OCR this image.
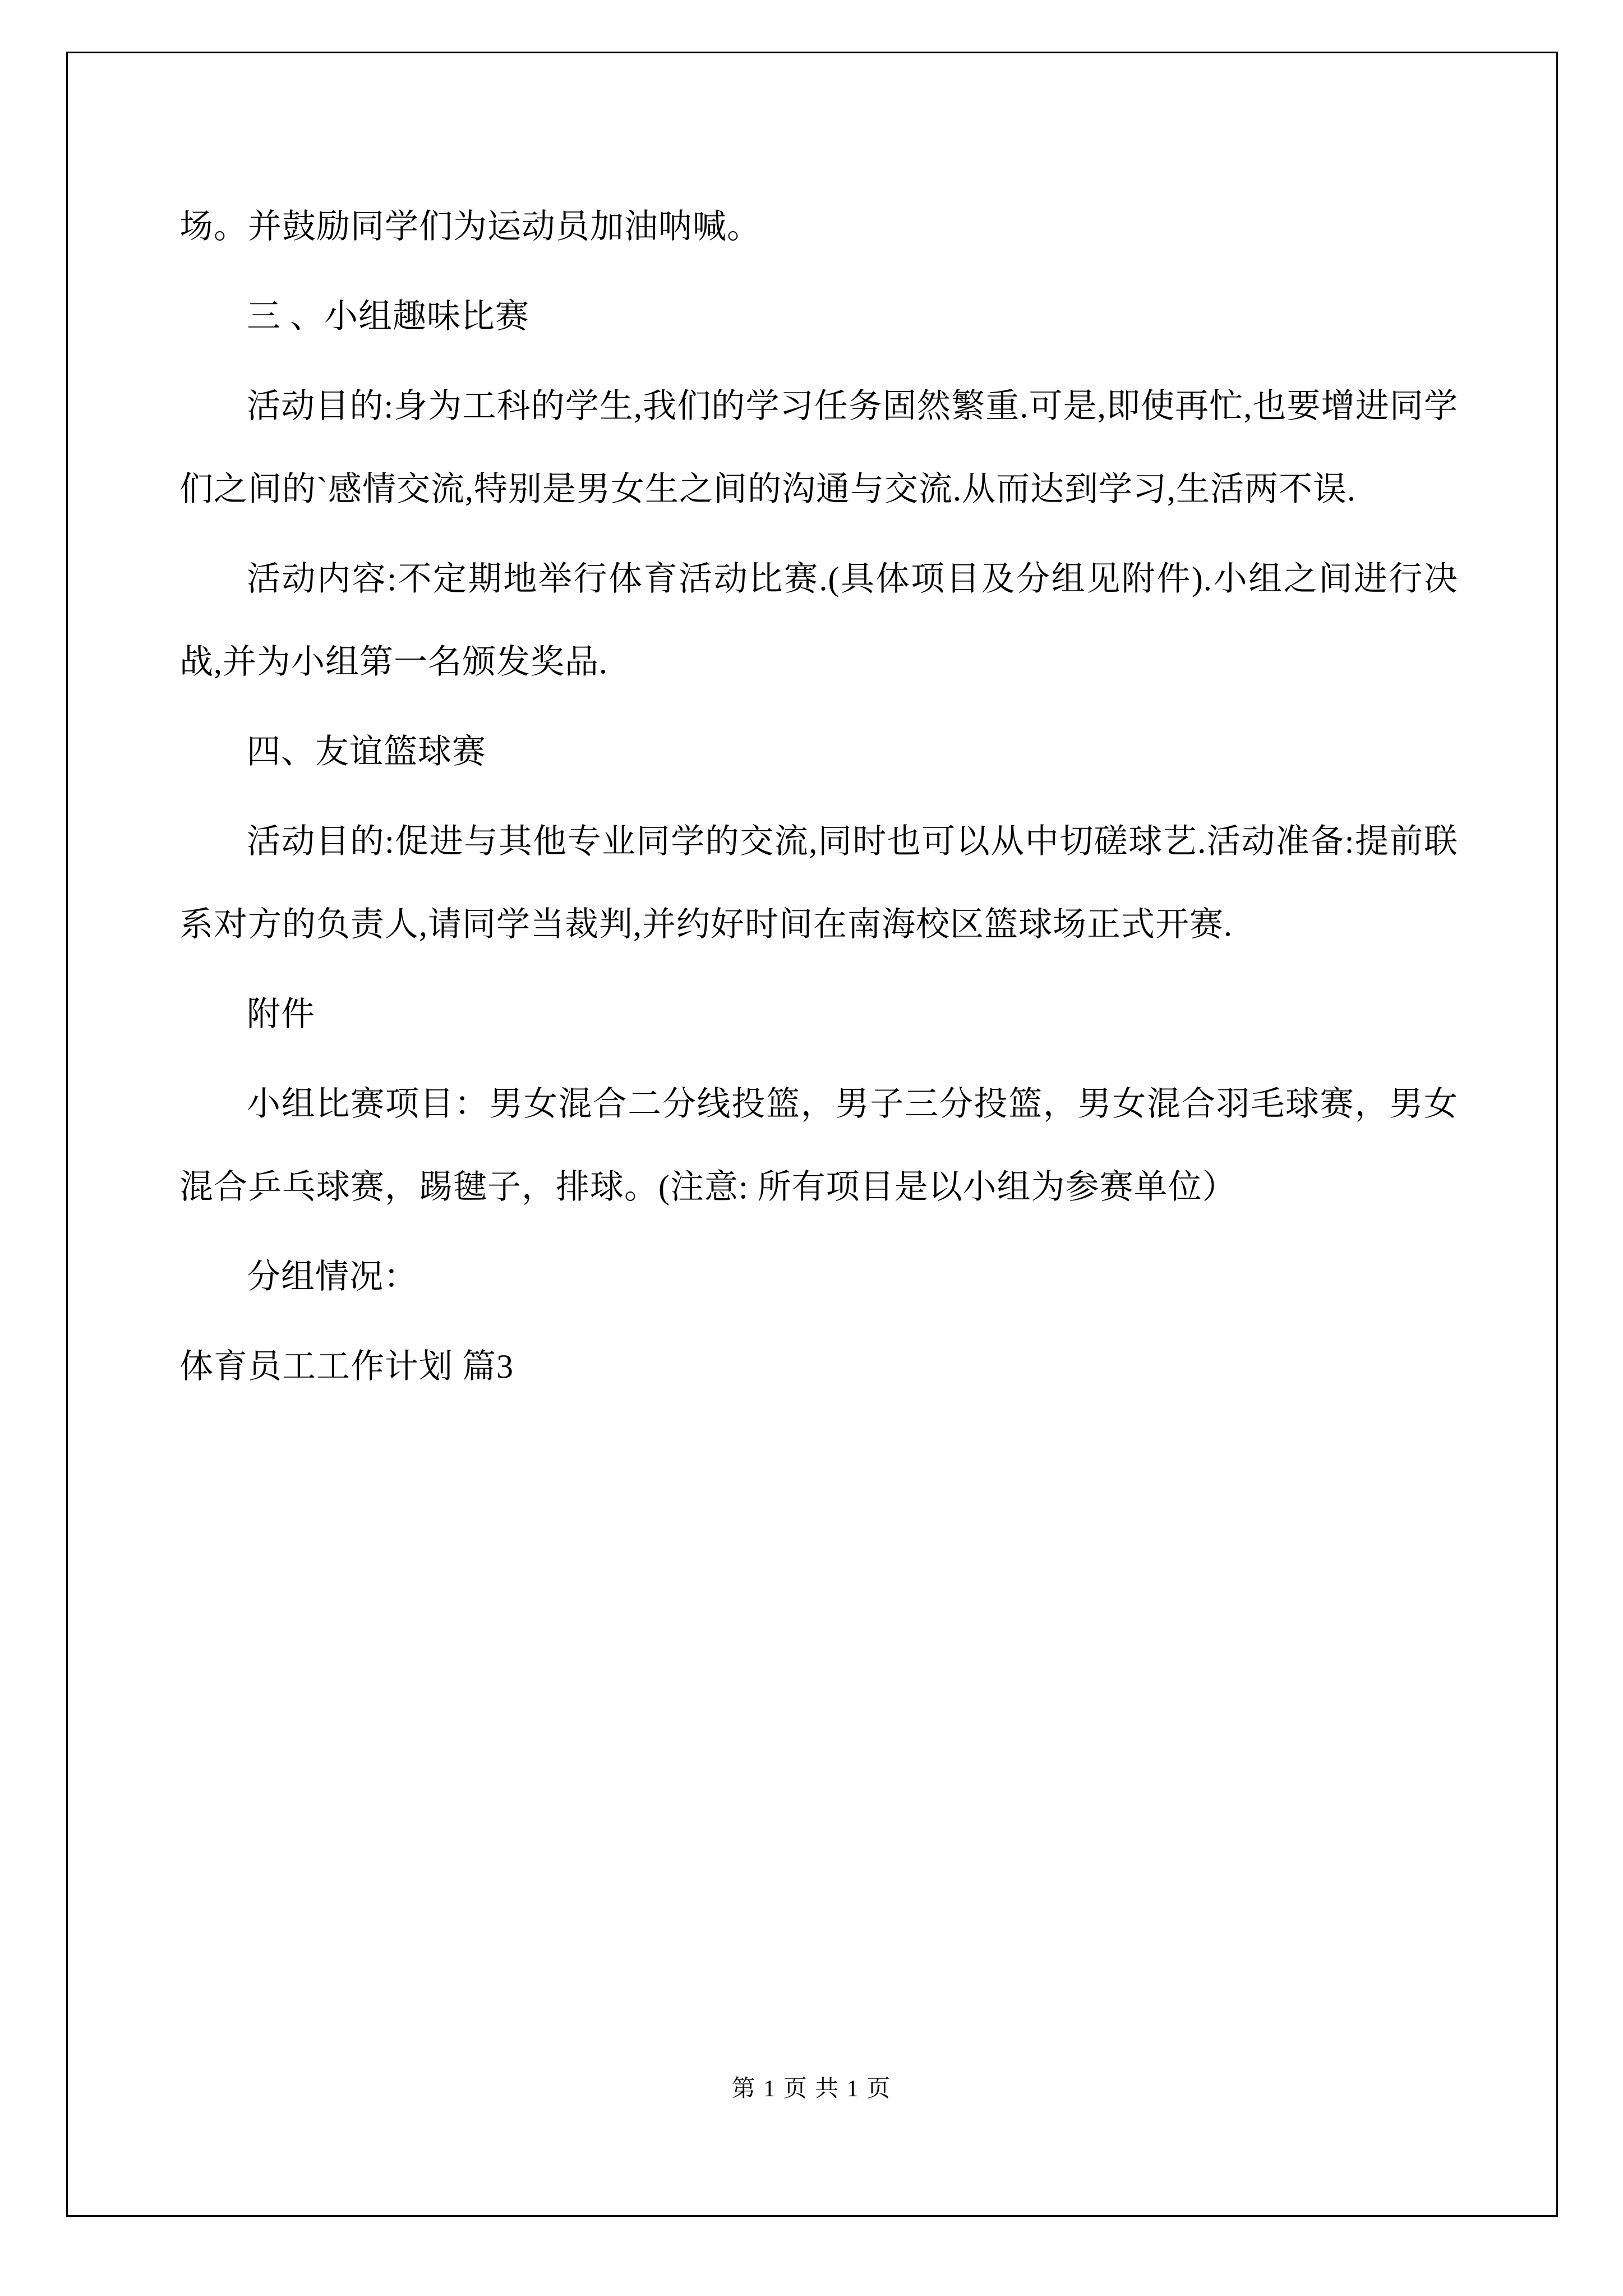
场。并鼓励同学们为运动员加油呐喊。

三 、小组趣味比赛

活动目的:身为工科的学生,我们的学习任务固然繁重.可是,即使再忙,也要增进同学们之间的`感情交流,特别是男女生之间的沟通与交流.从而达到学习,生活两不误.

活动内容:不定期地举行体育活动比赛.(具体项目及分组见附件).小组之间进行决战,并为小组第一名颁发奖品.

四、友谊篮球赛

活动目的:促进与其他专业同学的交流,同时也可以从中切磋球艺.活动准备:提前联系对方的负责人,请同学当裁判,并约好时间在南海校区篮球场正式开赛.

附件

小组比赛项目：男女混合二分线投篮，男子三分投篮，男女混合羽毛球赛，男女混合乒乓球赛，踢毽子，排球。(注意: 所有项目是以小组为参赛单位）

分组情况：

体育员工工作计划 篇3

第 1 页 共 1 页
